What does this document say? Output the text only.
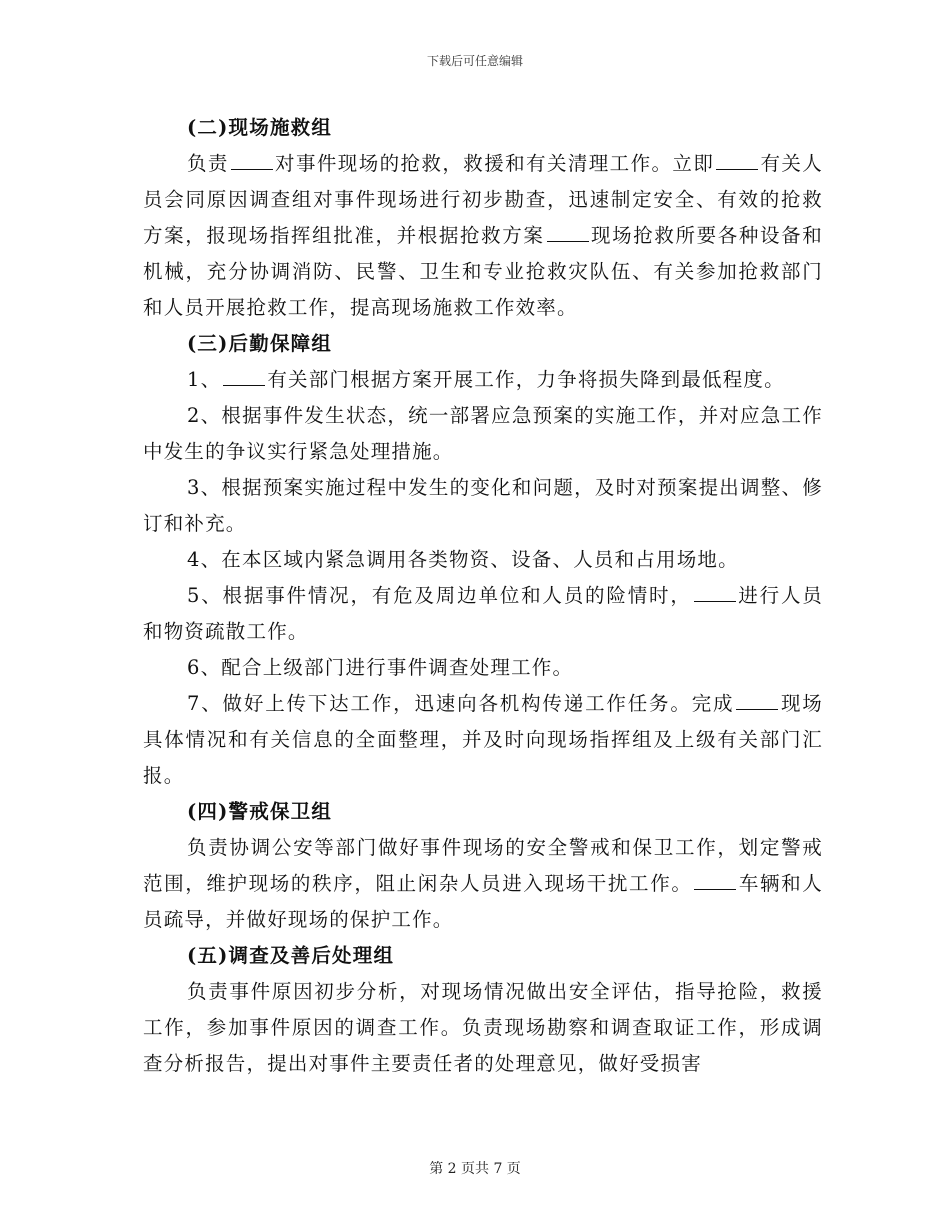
下载后可任意编辑

(二)现场施救组

负责 对事件现场的抢救，救援和有关清理工作。立即 有关人员会同原因调查组对事件现场进行初步勘查，迅速制定安全、有效的抢救方案，报现场指挥组批准，并根据抢救方案 现场抢救所要各种设备和机械，充分协调消防、民警、卫生和专业抢救灾队伍、有关参加抢救部门和人员开展抢救工作，提高现场施救工作效率。

(三)后勤保障组

1、 有关部门根据方案开展工作，力争将损失降到最低程度。

2、根据事件发生状态，统一部署应急预案的实施工作，并对应急工作中发生的争议实行紧急处理措施。

3、根据预案实施过程中发生的变化和问题，及时对预案提出调整、修订和补充。

4、在本区域内紧急调用各类物资、设备、人员和占用场地。

5、根据事件情况，有危及周边单位和人员的险情时， 进行人员和物资疏散工作。

6、配合上级部门进行事件调查处理工作。

7、做好上传下达工作，迅速向各机构传递工作任务。完成 现场具体情况和有关信息的全面整理，并及时向现场指挥组及上级有关部门汇报。

(四)警戒保卫组

负责协调公安等部门做好事件现场的安全警戒和保卫工作，划定警戒范围，维护现场的秩序，阻止闲杂人员进入现场干扰工作。 车辆和人员疏导，并做好现场的保护工作。

(五)调查及善后处理组

负责事件原因初步分析，对现场情况做出安全评估，指导抢险，救援工作，参加事件原因的调查工作。负责现场勘察和调查取证工作，形成调查分析报告，提出对事件主要责任者的处理意见，做好受损害

第 2 页共 7 页
